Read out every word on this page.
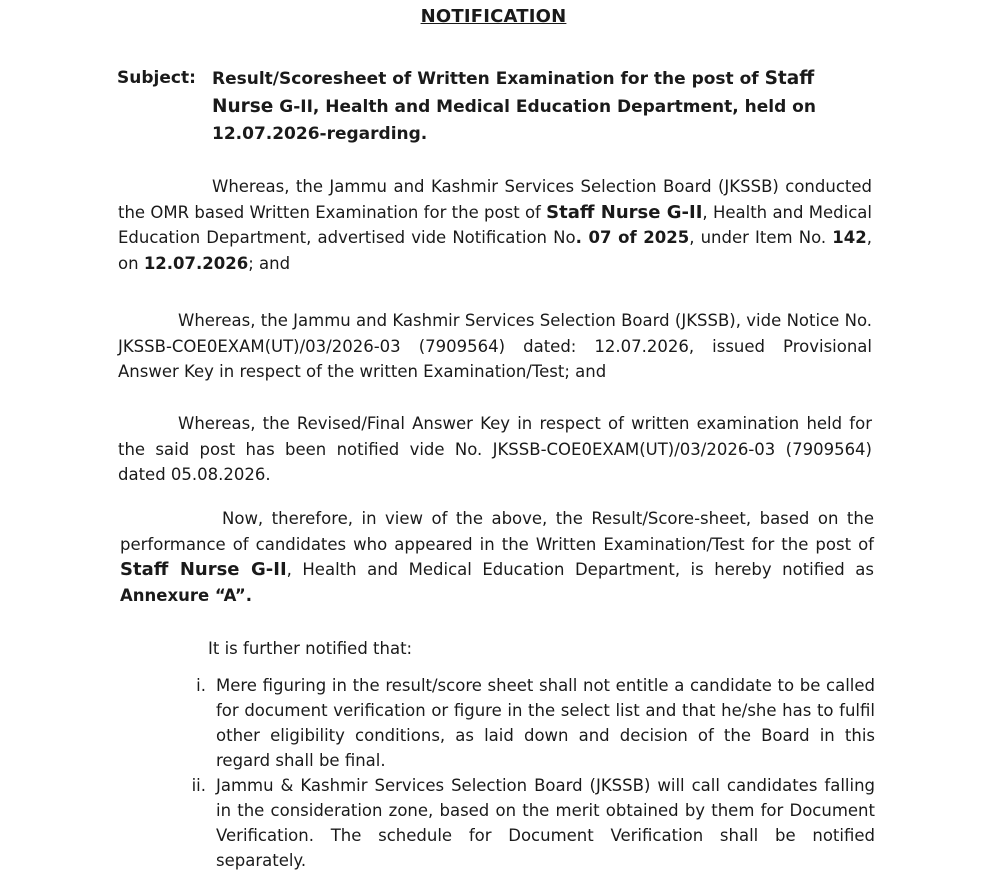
NOTIFICATION
Subject: Result/Scoresheet of Written Examination for the post of Staff Nurse G-II, Health and Medical Education Department, held on 12.07.2026-regarding.
Whereas, the Jammu and Kashmir Services Selection Board (JKSSB) conducted the OMR based Written Examination for the post of Staff Nurse G-II, Health and Medical Education Department, advertised vide Notification No. 07 of 2025, under Item No. 142, on 12.07.2026; and
Whereas, the Jammu and Kashmir Services Selection Board (JKSSB), vide Notice No. JKSSB-COE0EXAM(UT)/03/2026-03 (7909564) dated: 12.07.2026, issued Provisional Answer Key in respect of the written Examination/Test; and
Whereas, the Revised/Final Answer Key in respect of written examination held for the said post has been notified vide No. JKSSB-COE0EXAM(UT)/03/2026-03 (7909564) dated 05.08.2026.
Now, therefore, in view of the above, the Result/Score-sheet, based on the performance of candidates who appeared in the Written Examination/Test for the post of Staff Nurse G-II, Health and Medical Education Department, is hereby notified as Annexure “A”.
It is further notified that:
i. Mere figuring in the result/score sheet shall not entitle a candidate to be called for document verification or figure in the select list and that he/she has to fulfil other eligibility conditions, as laid down and decision of the Board in this regard shall be final.
ii. Jammu & Kashmir Services Selection Board (JKSSB) will call candidates falling in the consideration zone, based on the merit obtained by them for Document Verification. The schedule for Document Verification shall be notified separately.
